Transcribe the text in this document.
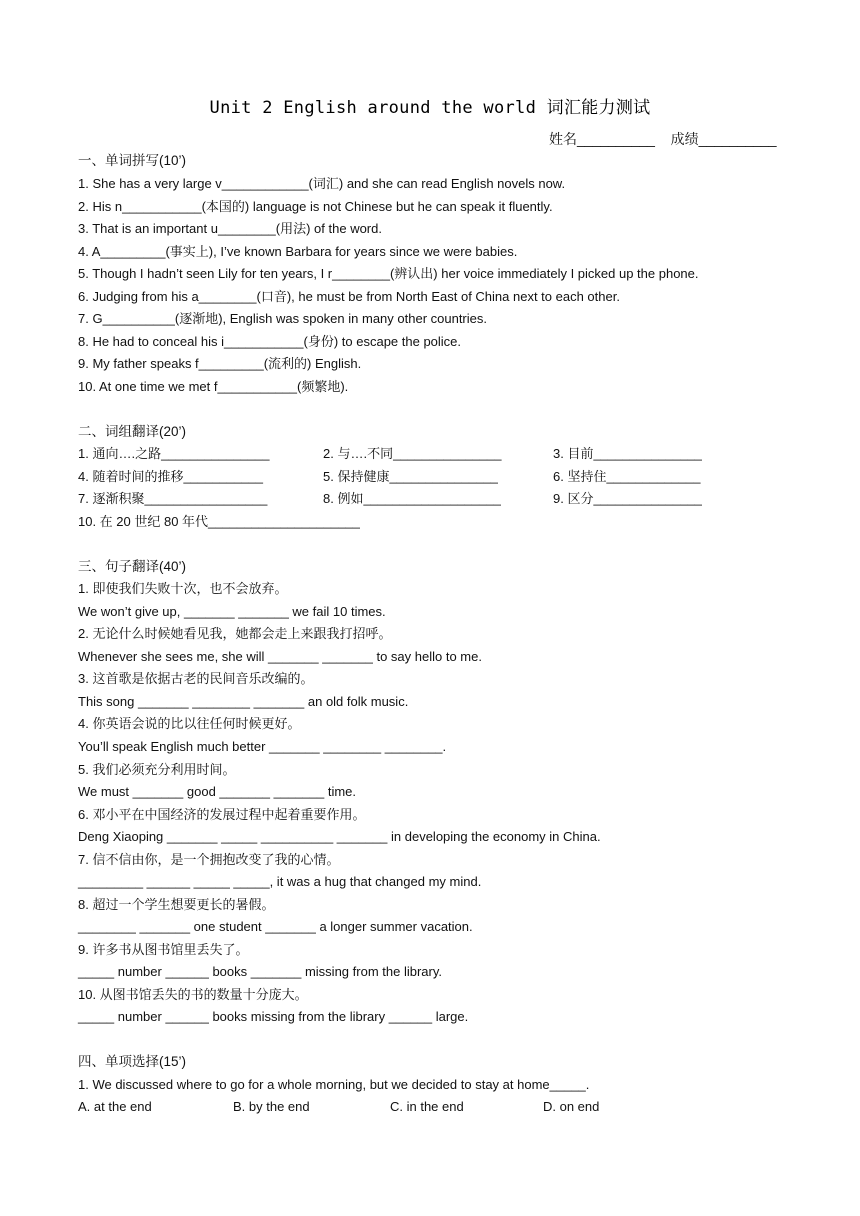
Unit 2 English around the world 词汇能力测试
姓名__________ 成绩__________
一、单词拼写(10’)
1. She has a very large v____________(词汇) and she can read English novels now.
2. His n___________(本国的) language is not Chinese but he can speak it fluently.
3. That is an important u________(用法) of the word.
4. A_________(事实上), I’ve known Barbara for years since we were babies.
5. Though I hadn’t seen Lily for ten years, I r________(辨认出) her voice immediately I picked up the phone.
6. Judging from his a________(口音), he must be from North East of China next to each other.
7. G__________(逐渐地), English was spoken in many other countries.
8. He had to conceal his i___________(身份) to escape the police.
9. My father speaks f_________(流利的) English.
10. At one time we met f___________(频繁地).
二、词组翻译(20’)
1. 通向….之路_______________	2. 与….不同_______________	3. 目前_______________
4. 随着时间的推移___________	5. 保持健康_______________	6. 坚持住_____________
7. 逐渐积聚_________________	8. 例如___________________	9. 区分_______________
10. 在 20 世纪 80 年代_____________________
三、句子翻译(40’)
1. 即使我们失败十次，也不会放弃。
We won’t give up, _______ _______ we fail 10 times.
2. 无论什么时候她看见我，她都会走上来跟我打招呼。
Whenever she sees me, she will _______ _______ to say hello to me.
3. 这首歌是依据古老的民间音乐改编的。
This song _______ ________ _______ an old folk music.
4. 你英语会说的比以往任何时候更好。
You’ll speak English much better _______ ________ ________.
5. 我们必须充分利用时间。
We must _______ good _______ _______ time.
6. 邓小平在中国经济的发展过程中起着重要作用。
Deng Xiaoping _______ _____ __________ _______ in developing the economy in China.
7. 信不信由你，是一个拥抱改变了我的心情。
_________ ______ _____ _____, it was a hug that changed my mind.
8. 超过一个学生想要更长的暑假。
________ _______ one student _______ a longer summer vacation.
9. 许多书从图书馆里丢失了。
_____ number ______ books _______ missing from the library.
10. 从图书馆丢失的书的数量十分庞大。
_____ number ______ books missing from the library ______ large.
四、单项选择(15’)
1. We discussed where to go for a whole morning, but we decided to stay at home_____.
A. at the end	B. by the end	C. in the end	D. on end
